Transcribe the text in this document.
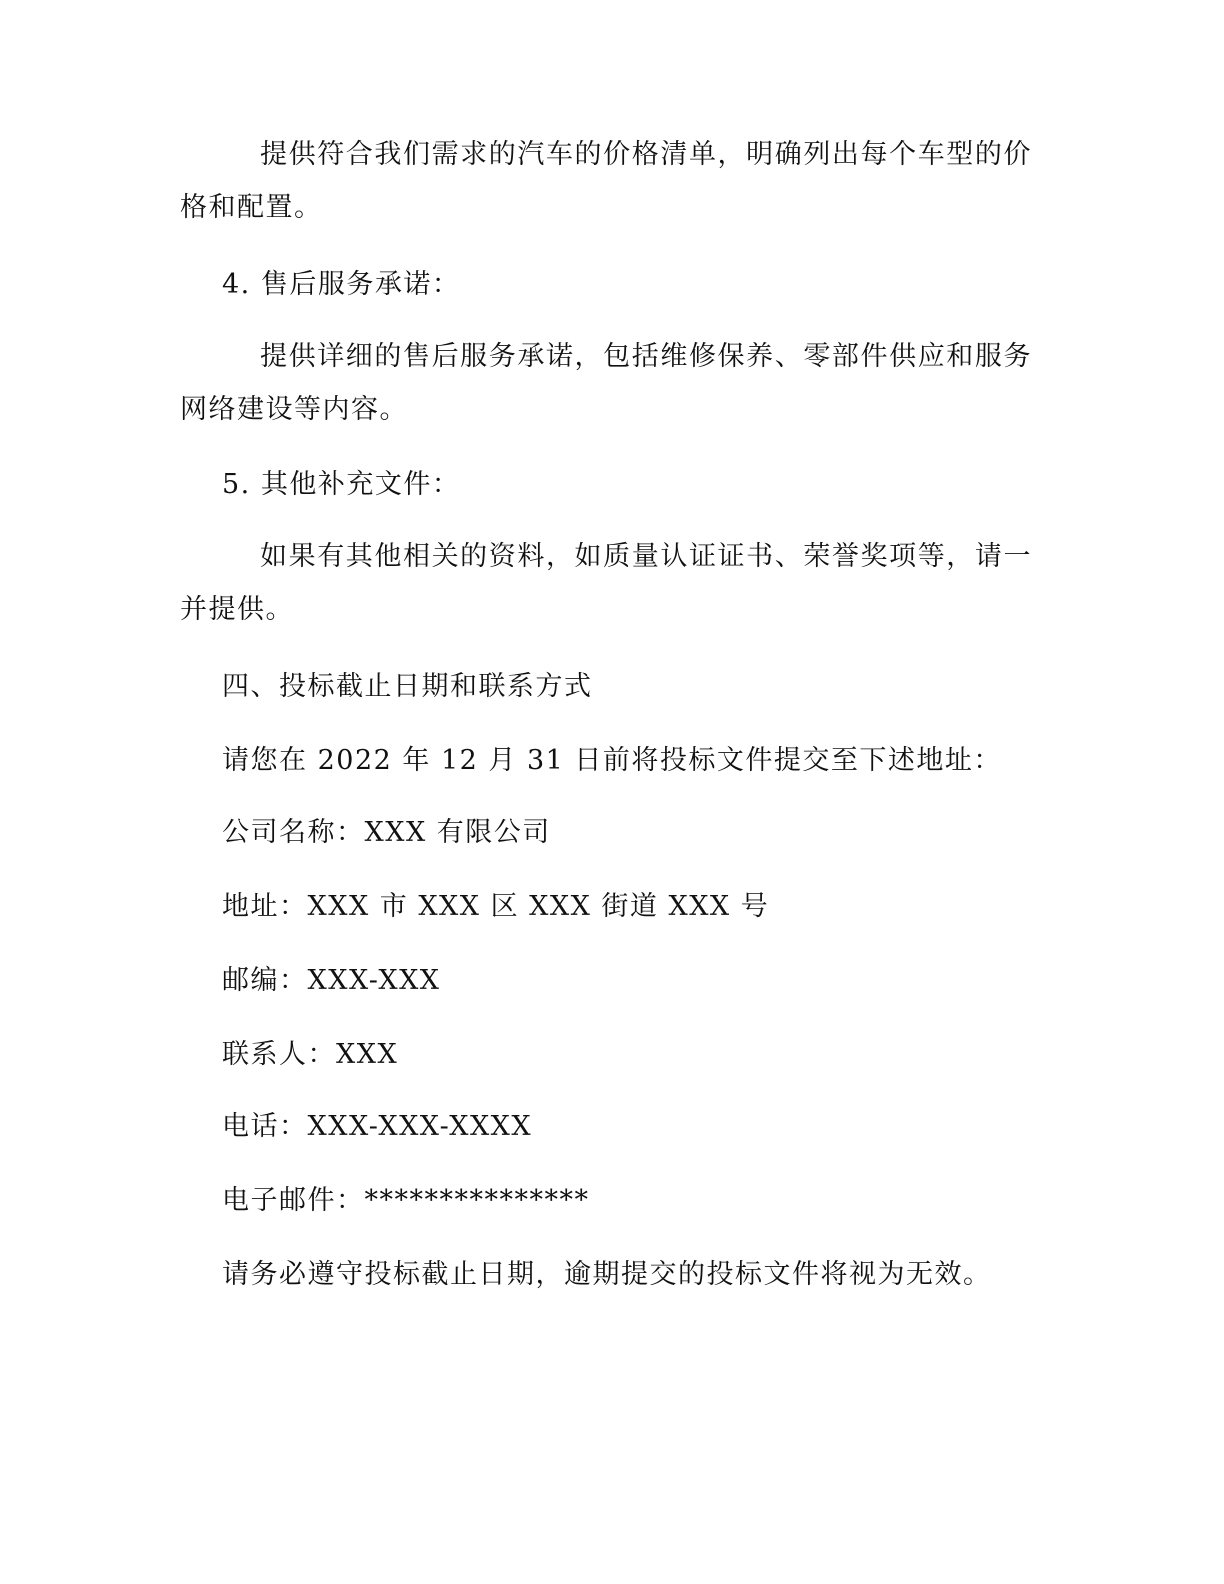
提供符合我们需求的汽车的价格清单，明确列出每个车型的价格和配置。

4. 售后服务承诺：

提供详细的售后服务承诺，包括维修保养、零部件供应和服务网络建设等内容。

5. 其他补充文件：

如果有其他相关的资料，如质量认证证书、荣誉奖项等，请一并提供。

四、投标截止日期和联系方式

请您在 2022 年 12 月 31 日前将投标文件提交至下述地址：

公司名称：XXX 有限公司

地址：XXX 市 XXX 区 XXX 街道 XXX 号

邮编：XXX-XXX

联系人：XXX

电话：XXX-XXX-XXXX

电子邮件：***************

请务必遵守投标截止日期，逾期提交的投标文件将视为无效。
